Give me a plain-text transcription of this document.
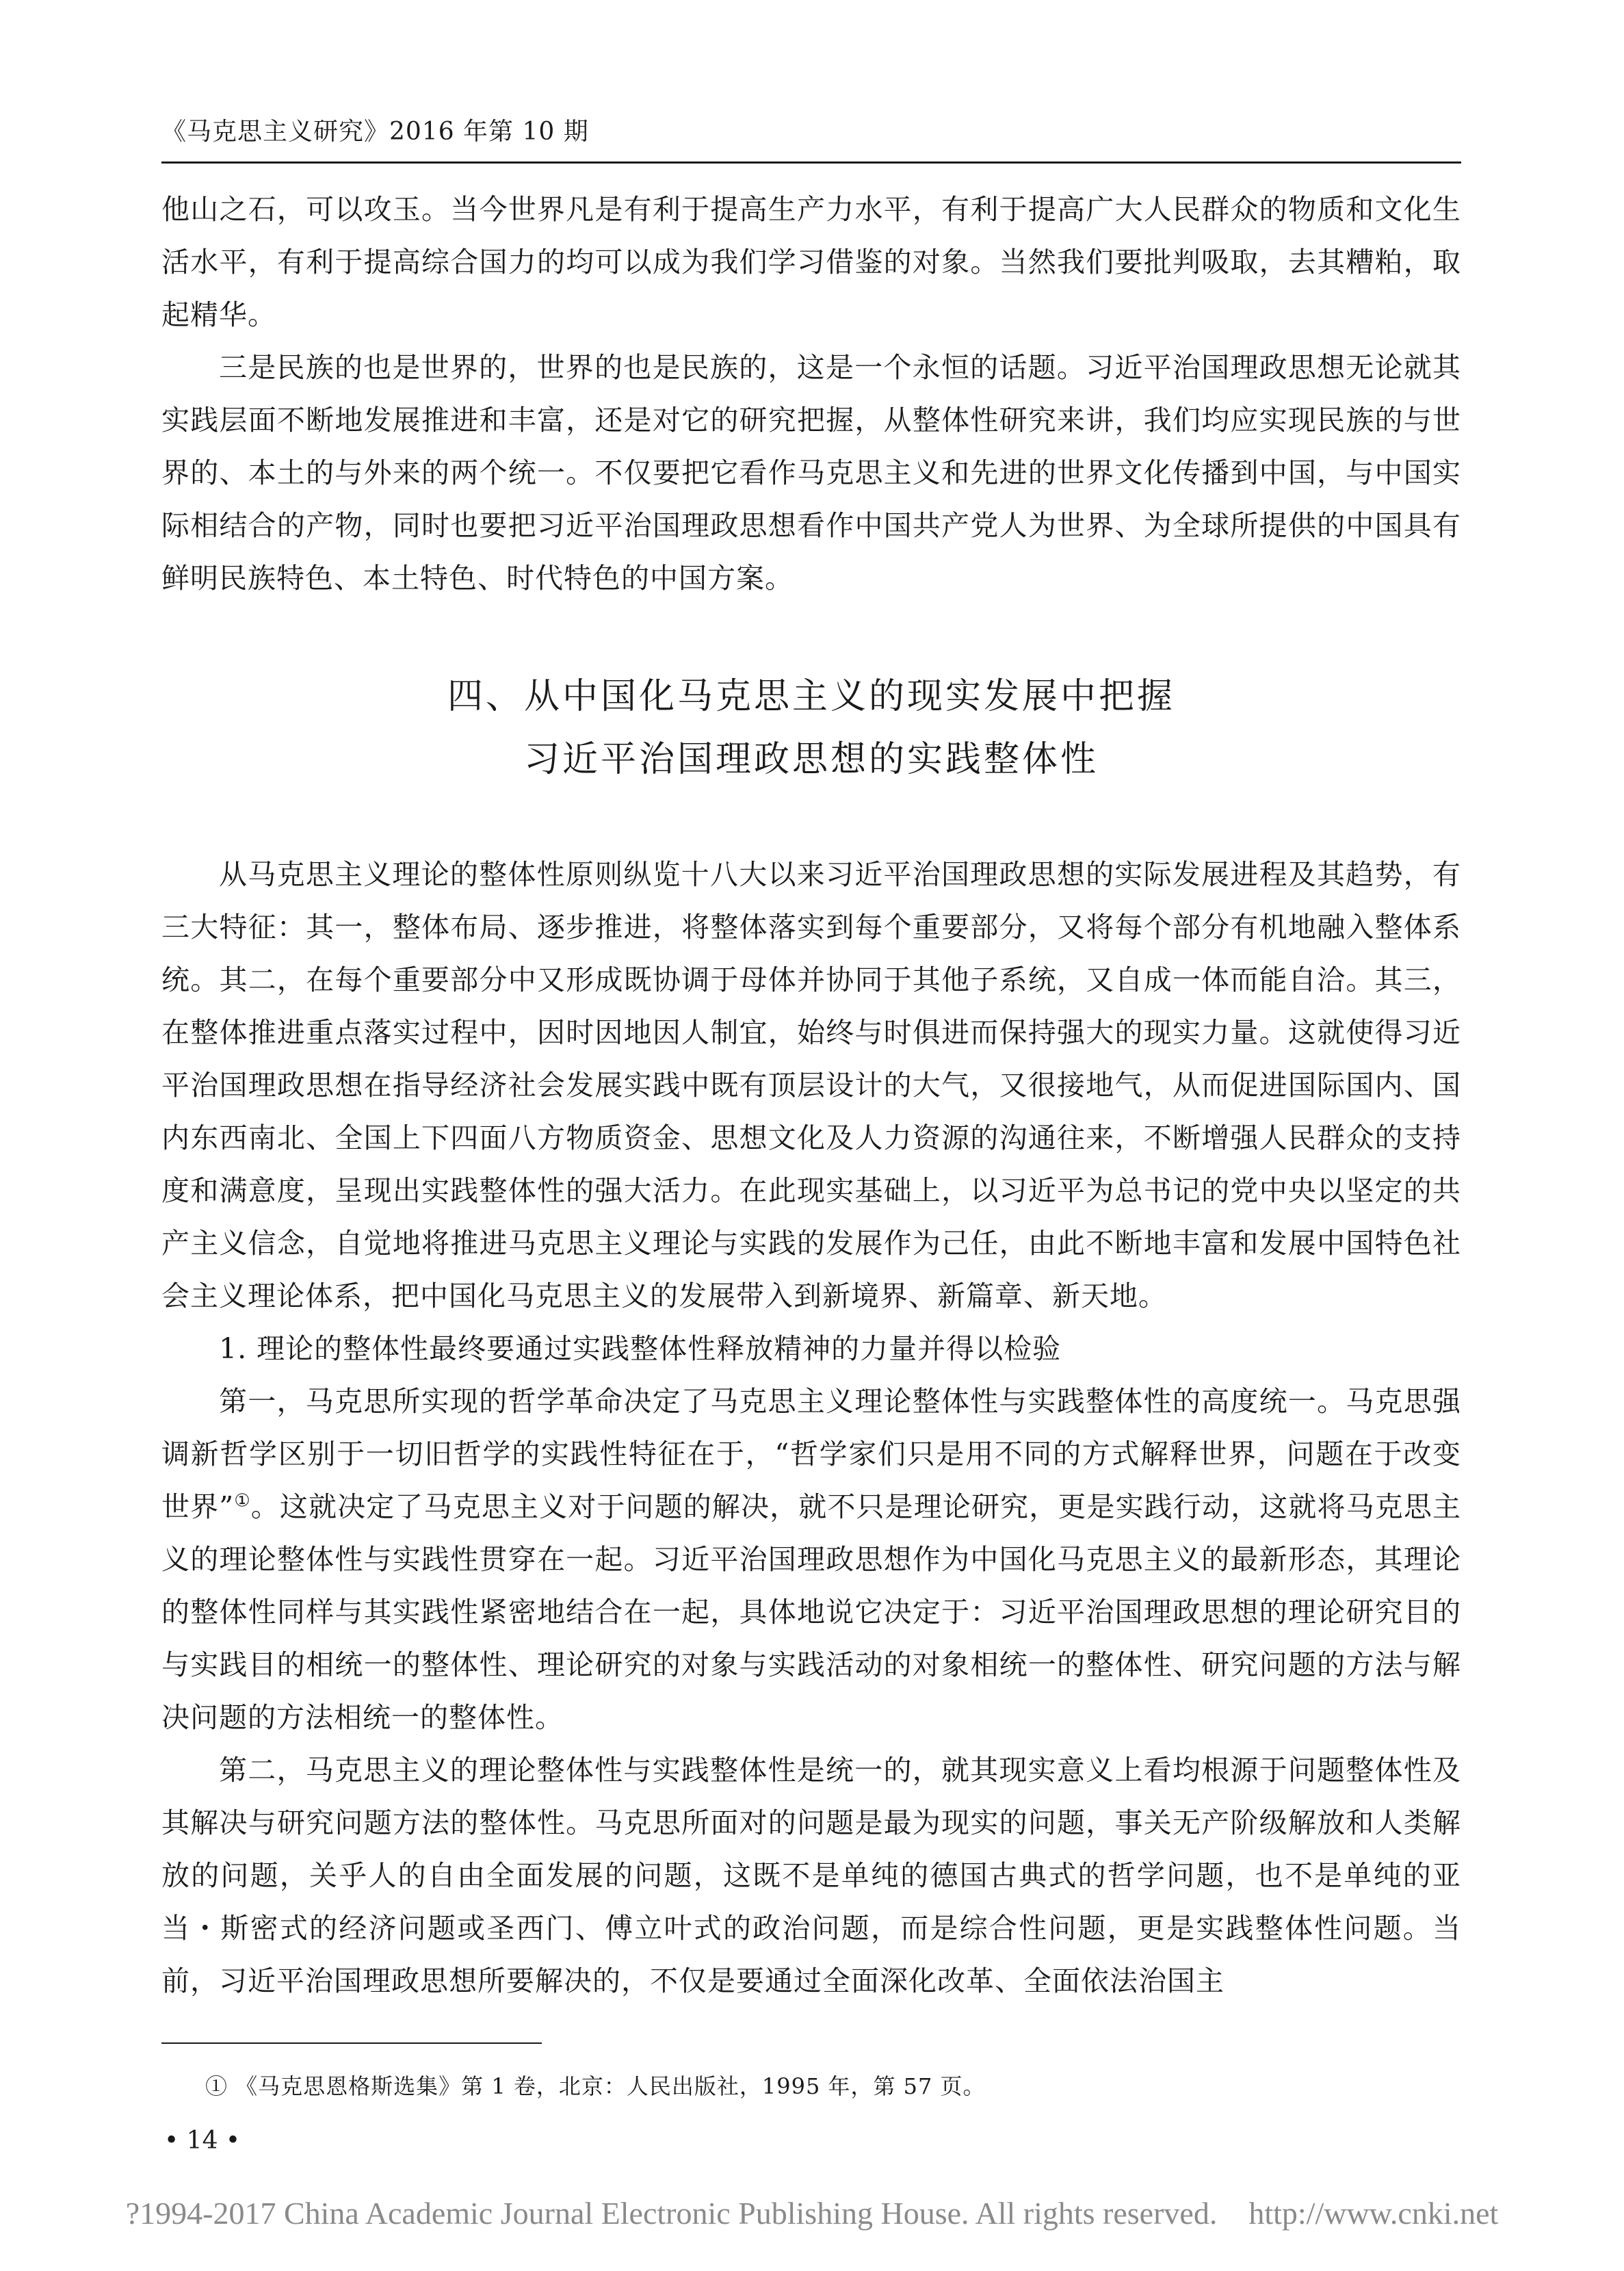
《马克思主义研究》2016 年第 10 期

他山之石，可以攻玉。当今世界凡是有利于提高生产力水平，有利于提高广大人民群众的物质和文化生活水平，有利于提高综合国力的均可以成为我们学习借鉴的对象。当然我们要批判吸取，去其糟粕，取起精华。

三是民族的也是世界的，世界的也是民族的，这是一个永恒的话题。习近平治国理政思想无论就其实践层面不断地发展推进和丰富，还是对它的研究把握，从整体性研究来讲，我们均应实现民族的与世界的、本土的与外来的两个统一。不仅要把它看作马克思主义和先进的世界文化传播到中国，与中国实际相结合的产物，同时也要把习近平治国理政思想看作中国共产党人为世界、为全球所提供的中国具有鲜明民族特色、本土特色、时代特色的中国方案。

四、从中国化马克思主义的现实发展中把握
习近平治国理政思想的实践整体性

从马克思主义理论的整体性原则纵览十八大以来习近平治国理政思想的实际发展进程及其趋势，有三大特征：其一，整体布局、逐步推进，将整体落实到每个重要部分，又将每个部分有机地融入整体系统。其二，在每个重要部分中又形成既协调于母体并协同于其他子系统，又自成一体而能自洽。其三，在整体推进重点落实过程中，因时因地因人制宜，始终与时俱进而保持强大的现实力量。这就使得习近平治国理政思想在指导经济社会发展实践中既有顶层设计的大气，又很接地气，从而促进国际国内、国内东西南北、全国上下四面八方物质资金、思想文化及人力资源的沟通往来，不断增强人民群众的支持度和满意度，呈现出实践整体性的强大活力。在此现实基础上，以习近平为总书记的党中央以坚定的共产主义信念，自觉地将推进马克思主义理论与实践的发展作为己任，由此不断地丰富和发展中国特色社会主义理论体系，把中国化马克思主义的发展带入到新境界、新篇章、新天地。

1. 理论的整体性最终要通过实践整体性释放精神的力量并得以检验

第一，马克思所实现的哲学革命决定了马克思主义理论整体性与实践整体性的高度统一。马克思强调新哲学区别于一切旧哲学的实践性特征在于，“哲学家们只是用不同的方式解释世界，问题在于改变世界”①。这就决定了马克思主义对于问题的解决，就不只是理论研究，更是实践行动，这就将马克思主义的理论整体性与实践性贯穿在一起。习近平治国理政思想作为中国化马克思主义的最新形态，其理论的整体性同样与其实践性紧密地结合在一起，具体地说它决定于：习近平治国理政思想的理论研究目的与实践目的相统一的整体性、理论研究的对象与实践活动的对象相统一的整体性、研究问题的方法与解决问题的方法相统一的整体性。

第二，马克思主义的理论整体性与实践整体性是统一的，就其现实意义上看均根源于问题整体性及其解决与研究问题方法的整体性。马克思所面对的问题是最为现实的问题，事关无产阶级解放和人类解放的问题，关乎人的自由全面发展的问题，这既不是单纯的德国古典式的哲学问题，也不是单纯的亚当・斯密式的经济问题或圣西门、傅立叶式的政治问题，而是综合性问题，更是实践整体性问题。当前，习近平治国理政思想所要解决的，不仅是要通过全面深化改革、全面依法治国主

① 《马克思恩格斯选集》第 1 卷，北京：人民出版社，1995 年，第 57 页。
• 14 •
?1994-2017 China Academic Journal Electronic Publishing House. All rights reserved.    http://www.cnki.net
